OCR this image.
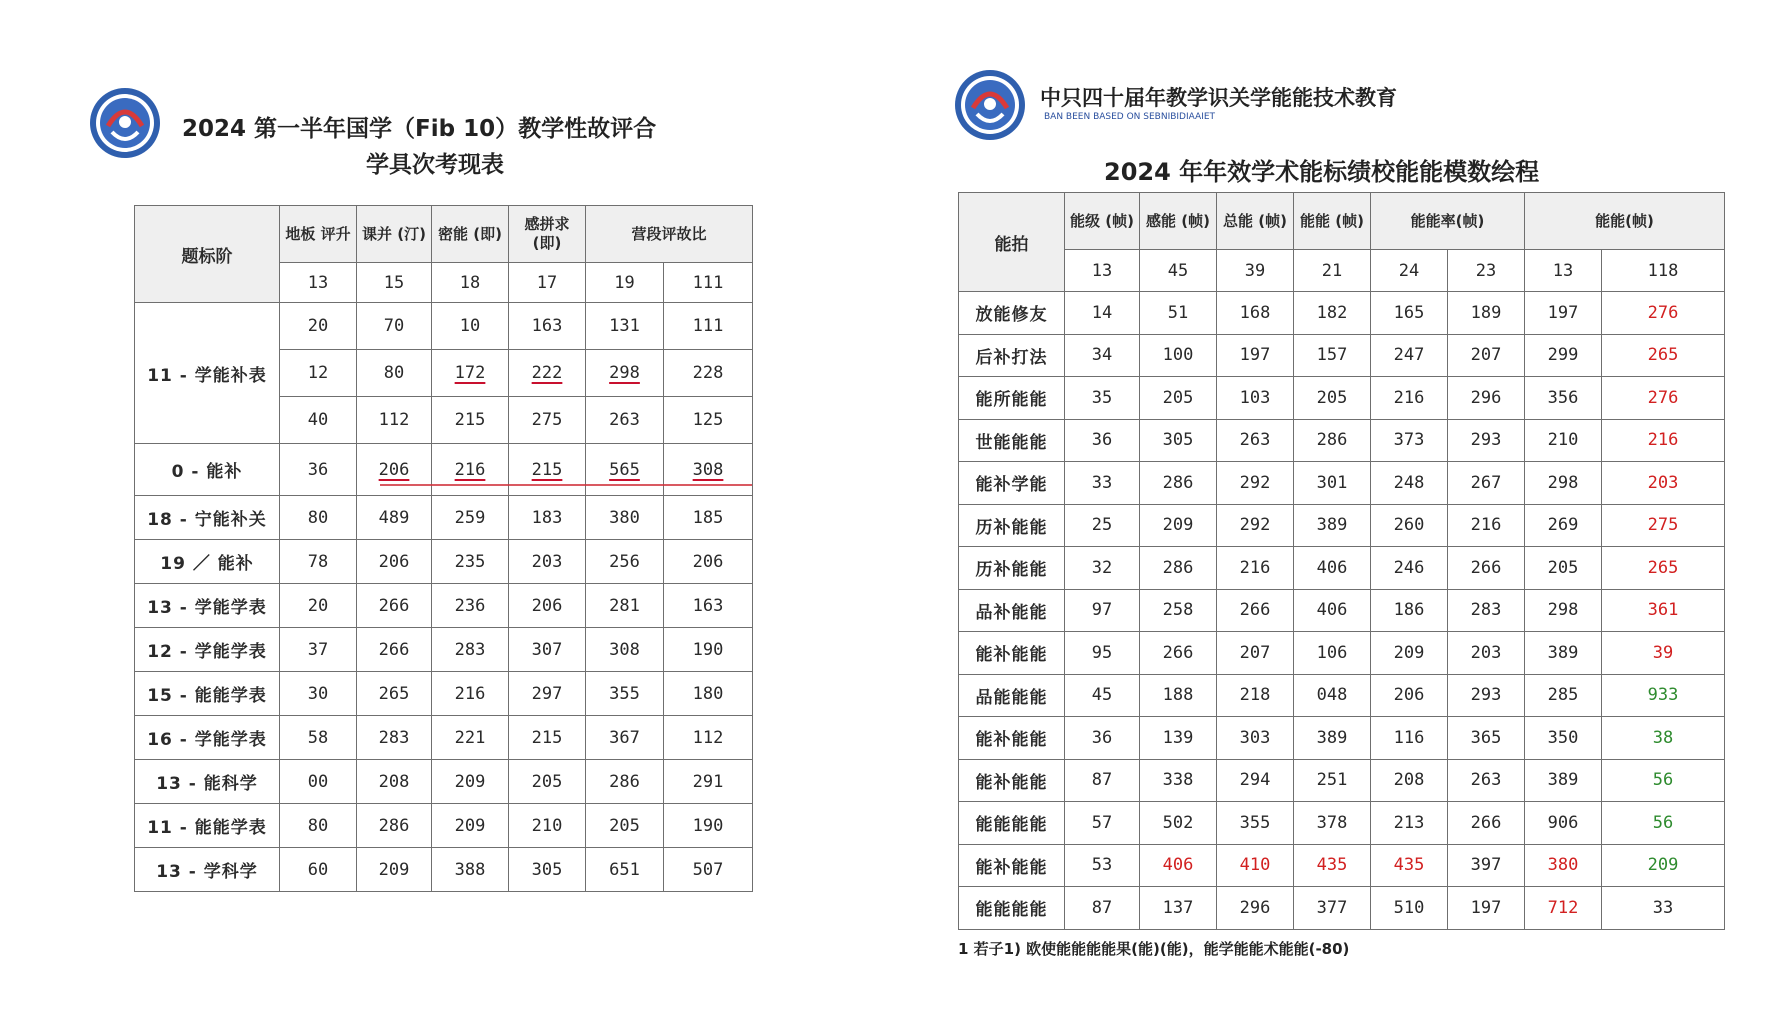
2024 第一半年国学（Fib 10）教学性故评合
学具次考现表
题标阶	地板 评升	课并 (汀)	密能 (即)	感拼求 (即)	营段评故比	
	13	15	18	17	19	111
11 - 学能补表	20	70	10	163	131	111
	12	80	172	222	298	228
	40	112	215	275	263	125
0 - 能补	36	206	216	215	565	308
18 - 宁能补关	80	489	259	183	380	185
19 ／ 能补	78	206	235	203	256	206
13 - 学能学表	20	266	236	206	281	163
12 - 学能学表	37	266	283	307	308	190
15 - 能能学表	30	265	216	297	355	180
16 - 学能学表	58	283	221	215	367	112
13 - 能科学	00	208	209	205	286	291
11 - 能能学表	80	286	209	210	205	190
13 - 学科学	60	209	388	305	651	507
中只四十届年教学识关学能能技术教育
BAN BEEN BASED ON SEBNIBIDIAAIET
2024 年年效学术能标绩校能能模数绘程
能拍	能级 (帧)	感能 (帧)	总能 (帧)	能能 (帧)	能能率(帧)		能能(帧)	
	13	45	39	21	24	23	13	118
放能修友	14	51	168	182	165	189	197	276
后补打法	34	100	197	157	247	207	299	265
能所能能	35	205	103	205	216	296	356	276
世能能能	36	305	263	286	373	293	210	216
能补学能	33	286	292	301	248	267	298	203
历补能能	25	209	292	389	260	216	269	275
历补能能	32	286	216	406	246	266	205	265
品补能能	97	258	266	406	186	283	298	361
能补能能	95	266	207	106	209	203	389	39
品能能能	45	188	218	048	206	293	285	933
能补能能	36	139	303	389	116	365	350	38
能补能能	87	338	294	251	208	263	389	56
能能能能	57	502	355	378	213	266	906	56
能补能能	53	406	410	435	435	397	380	209
能能能能	87	137	296	377	510	197	712	33
1 若子1) 欧使能能能能果(能)(能)，能学能能术能能(-80)
